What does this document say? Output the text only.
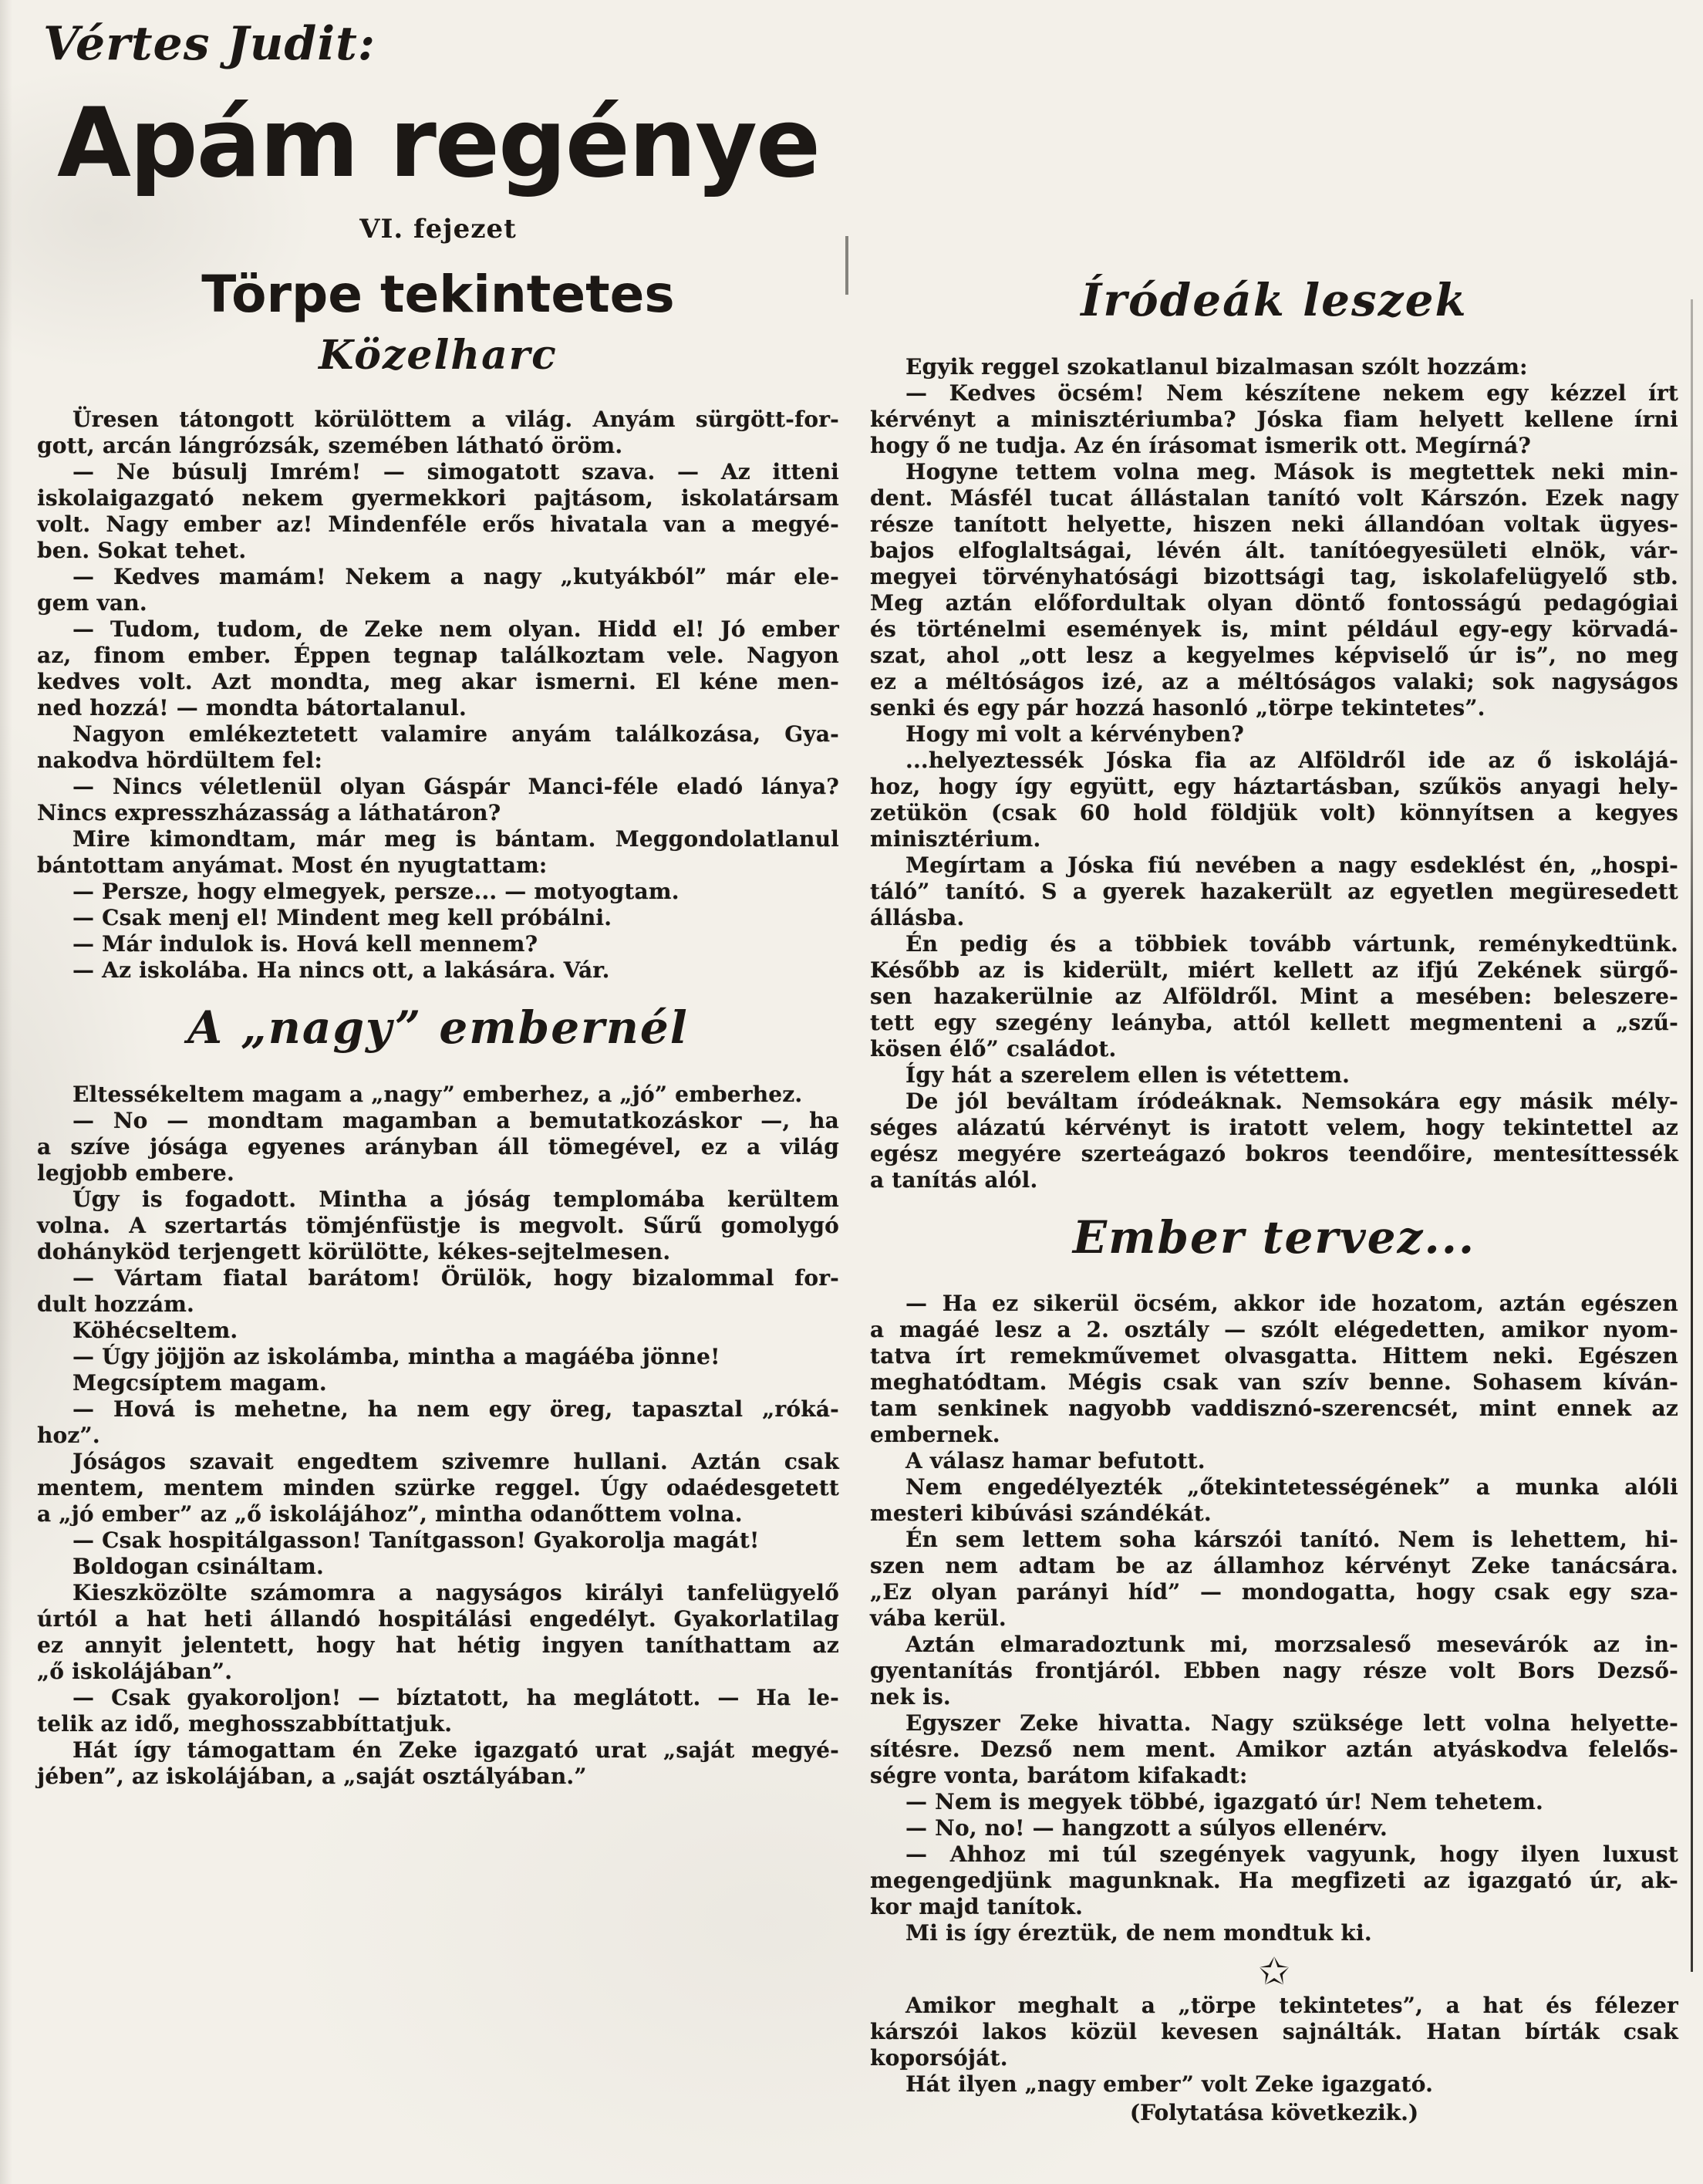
Vértes Judit:
Apám regénye
VI. fejezet
Törpe tekintetes
Közelharc
Üresen tátongott körülöttem a világ. Anyám sürgött-for-
gott, arcán lángrózsák, szemében látható öröm.
— Ne búsulj Imrém! — simogatott szava. — Az itteni
iskolaigazgató nekem gyermekkori pajtásom, iskolatársam
volt. Nagy ember az! Mindenféle erős hivatala van a megyé-
ben. Sokat tehet.
— Kedves mamám! Nekem a nagy „kutyákból” már ele-
gem van.
— Tudom, tudom, de Zeke nem olyan. Hidd el! Jó ember
az, finom ember. Éppen tegnap találkoztam vele. Nagyon
kedves volt. Azt mondta, meg akar ismerni. El kéne men-
ned hozzá! — mondta bátortalanul.
Nagyon emlékeztetett valamire anyám találkozása, Gya-
nakodva hördültem fel:
— Nincs véletlenül olyan Gáspár Manci-féle eladó lánya?
Nincs expresszházasság a láthatáron?
Mire kimondtam, már meg is bántam. Meggondolatlanul
bántottam anyámat. Most én nyugtattam:
— Persze, hogy elmegyek, persze... — motyogtam.
— Csak menj el! Mindent meg kell próbálni.
— Már indulok is. Hová kell mennem?
— Az iskolába. Ha nincs ott, a lakására. Vár.
A „nagy” embernél
Eltessékeltem magam a „nagy” emberhez, a „jó” emberhez.
— No — mondtam magamban a bemutatkozáskor —, ha
a szíve jósága egyenes arányban áll tömegével, ez a világ
legjobb embere.
Úgy is fogadott. Mintha a jóság templomába kerültem
volna. A szertartás tömjénfüstje is megvolt. Sűrű gomolygó
dohányköd terjengett körülötte, kékes-sejtelmesen.
— Vártam fiatal barátom! Örülök, hogy bizalommal for-
dult hozzám.
Köhécseltem.
— Úgy jöjjön az iskolámba, mintha a magáéba jönne!
Megcsíptem magam.
— Hová is mehetne, ha nem egy öreg, tapasztal „róká-
hoz”.
Jóságos szavait engedtem szivemre hullani. Aztán csak
mentem, mentem minden szürke reggel. Úgy odaédesgetett
a „jó ember” az „ő iskolájához”, mintha odanőttem volna.
— Csak hospitálgasson! Tanítgasson! Gyakorolja magát!
Boldogan csináltam.
Kieszközölte számomra a nagyságos királyi tanfelügyelő
úrtól a hat heti állandó hospitálási engedélyt. Gyakorlatilag
ez annyit jelentett, hogy hat hétig ingyen taníthattam az
„ő iskolájában”.
— Csak gyakoroljon! — bíztatott, ha meglátott. — Ha le-
telik az idő, meghosszabbíttatjuk.
Hát így támogattam én Zeke igazgató urat „saját megyé-
jében”, az iskolájában, a „saját osztályában.”
Íródeák leszek
Egyik reggel szokatlanul bizalmasan szólt hozzám:
— Kedves öcsém! Nem készítene nekem egy kézzel írt
kérvényt a minisztériumba? Jóska fiam helyett kellene írni
hogy ő ne tudja. Az én írásomat ismerik ott. Megírná?
Hogyne tettem volna meg. Mások is megtettek neki min-
dent. Másfél tucat állástalan tanító volt Kárszón. Ezek nagy
része tanított helyette, hiszen neki állandóan voltak ügyes-
bajos elfoglaltságai, lévén ált. tanítóegyesületi elnök, vár-
megyei törvényhatósági bizottsági tag, iskolafelügyelő stb.
Meg aztán előfordultak olyan döntő fontosságú pedagógiai
és történelmi események is, mint például egy-egy körvadá-
szat, ahol „ott lesz a kegyelmes képviselő úr is”, no meg
ez a méltóságos izé, az a méltóságos valaki; sok nagyságos
senki és egy pár hozzá hasonló „törpe tekintetes”.
Hogy mi volt a kérvényben?
...helyeztessék Jóska fia az Alföldről ide az ő iskolájá-
hoz, hogy így együtt, egy háztartásban, szűkös anyagi hely-
zetükön (csak 60 hold földjük volt) könnyítsen a kegyes
minisztérium.
Megírtam a Jóska fiú nevében a nagy esdeklést én, „hospi-
táló” tanító. S a gyerek hazakerült az egyetlen megüresedett
állásba.
Én pedig és a többiek tovább vártunk, reménykedtünk.
Később az is kiderült, miért kellett az ifjú Zekének sürgő-
sen hazakerülnie az Alföldről. Mint a mesében: beleszere-
tett egy szegény leányba, attól kellett megmenteni a „szű-
kösen élő” családot.
Így hát a szerelem ellen is vétettem.
De jól beváltam íródeáknak. Nemsokára egy másik mély-
séges alázatú kérvényt is iratott velem, hogy tekintettel az
egész megyére szerteágazó bokros teendőire, mentesíttessék
a tanítás alól.
Ember tervez...
— Ha ez sikerül öcsém, akkor ide hozatom, aztán egészen
a magáé lesz a 2. osztály — szólt elégedetten, amikor nyom-
tatva írt remekművemet olvasgatta. Hittem neki. Egészen
meghatódtam. Mégis csak van szív benne. Sohasem kíván-
tam senkinek nagyobb vaddisznó-szerencsét, mint ennek az
embernek.
A válasz hamar befutott.
Nem engedélyezték „őtekintetességének” a munka alóli
mesteri kibúvási szándékát.
Én sem lettem soha kárszói tanító. Nem is lehettem, hi-
szen nem adtam be az államhoz kérvényt Zeke tanácsára.
„Ez olyan parányi híd” — mondogatta, hogy csak egy sza-
vába kerül.
Aztán elmaradoztunk mi, morzsaleső mesevárók az in-
gyentanítás frontjáról. Ebben nagy része volt Bors Dezső-
nek is.
Egyszer Zeke hivatta. Nagy szüksége lett volna helyette-
sítésre. Dezső nem ment. Amikor aztán atyáskodva felelős-
ségre vonta, barátom kifakadt:
— Nem is megyek többé, igazgató úr! Nem tehetem.
— No, no! — hangzott a súlyos ellenérv.
— Ahhoz mi túl szegények vagyunk, hogy ilyen luxust
megengedjünk magunknak. Ha megfizeti az igazgató úr, ak-
kor majd tanítok.
Mi is így éreztük, de nem mondtuk ki.
✩
Amikor meghalt a „törpe tekintetes”, a hat és félezer
kárszói lakos közül kevesen sajnálták. Hatan bírták csak
koporsóját.
Hát ilyen „nagy ember” volt Zeke igazgató.
(Folytatása következik.)
